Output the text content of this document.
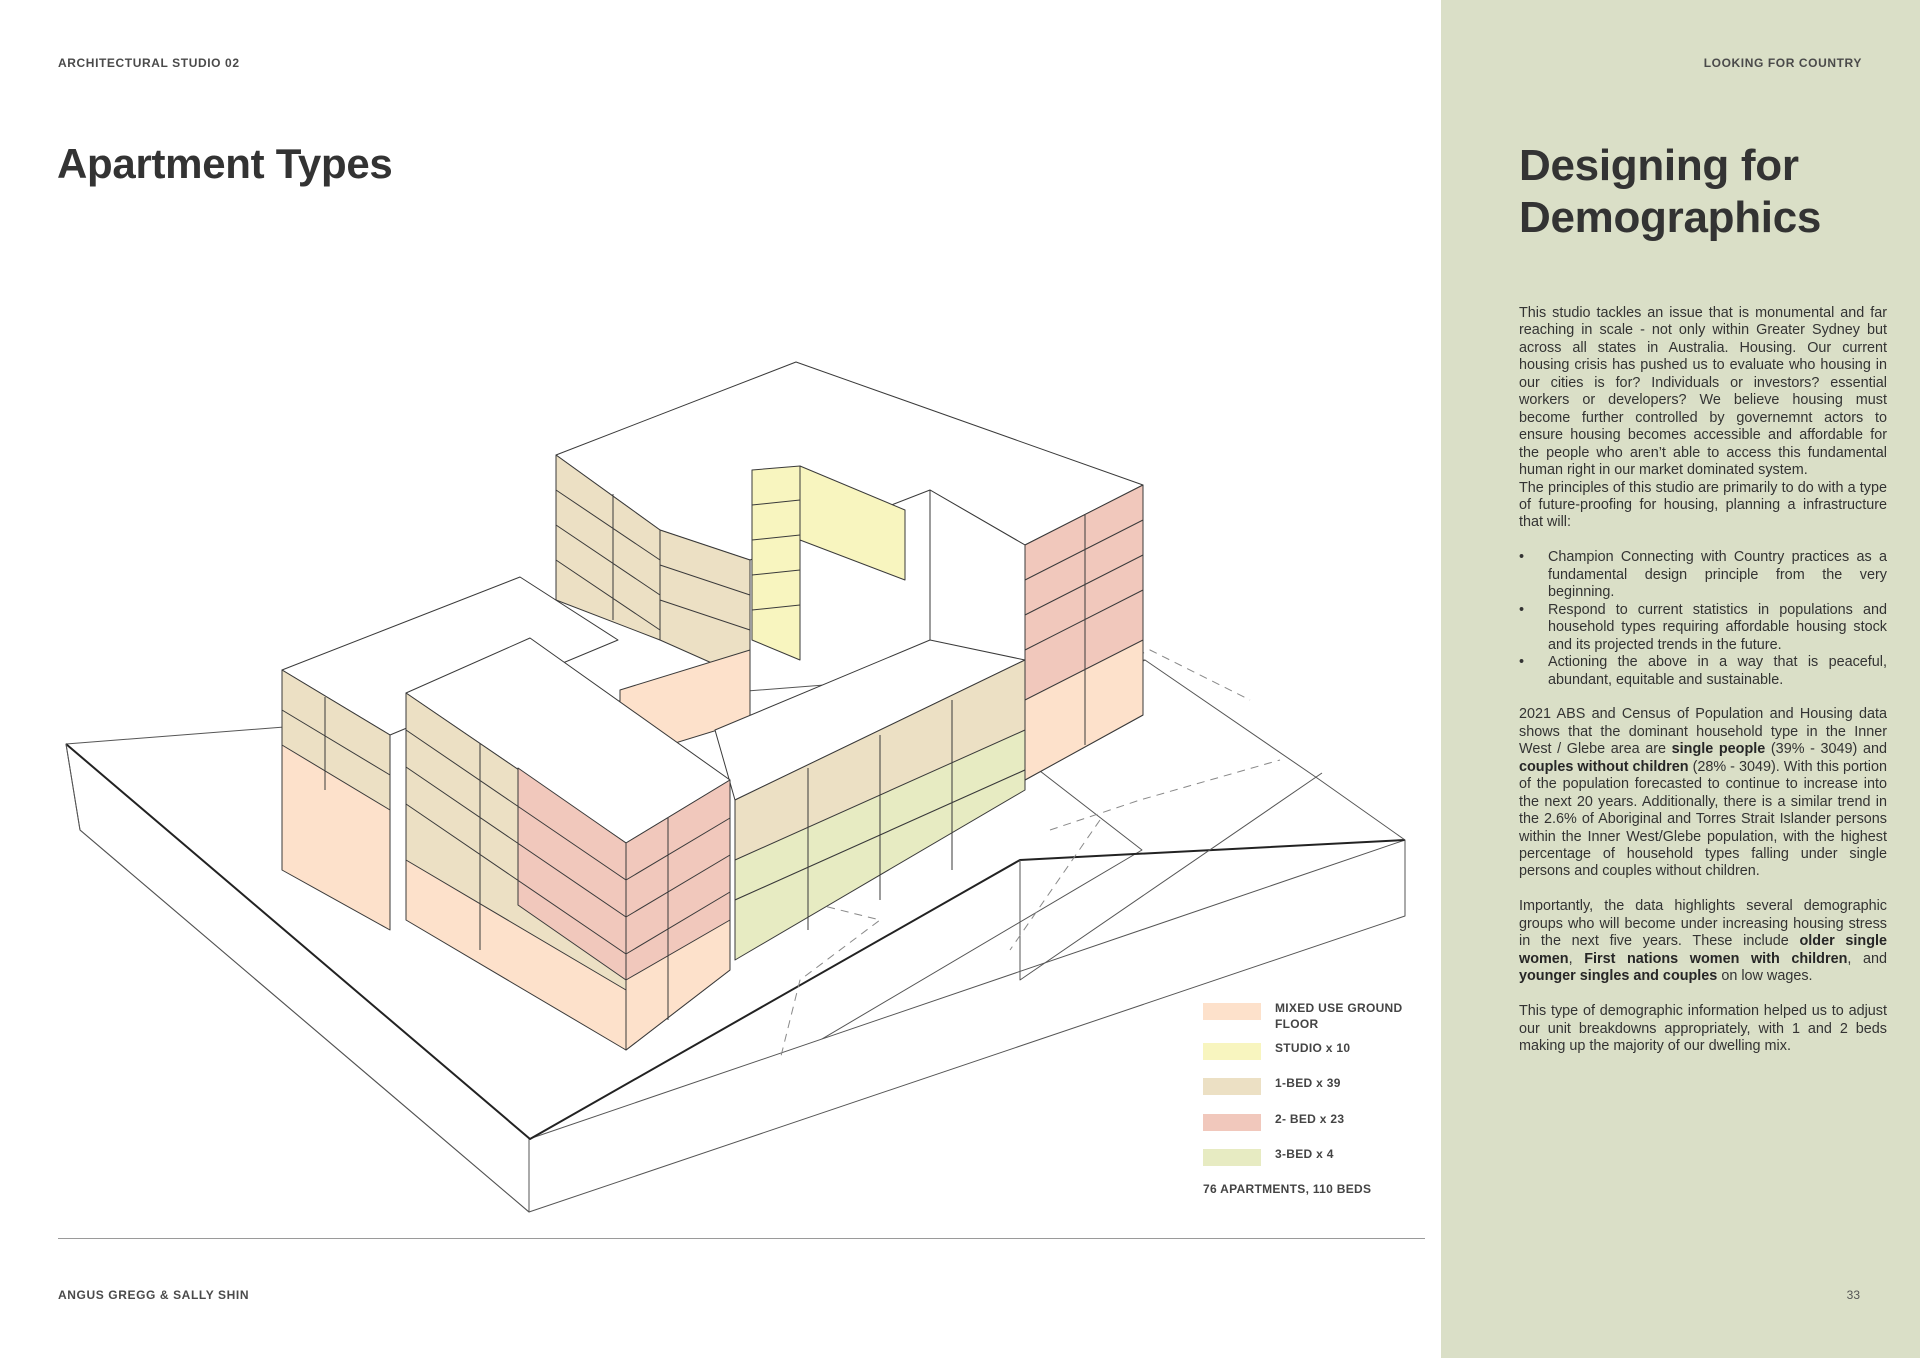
ARCHITECTURAL STUDIO 02	LOOKING FOR COUNTRY
Apartment Types
MIXED USE GROUND FLOOR
STUDIO x 10
1-BED x 39
2- BED x 23
3-BED x 4
76 APARTMENTS, 110 BEDS
Designing for
Demographics

This studio tackles an issue that is monumental and far reaching in scale - not only within Greater Sydney but across all states in Australia. Housing. Our current housing crisis has pushed us to evaluate who housing in our cities is for? Individuals or investors? essential workers or developers? We believe housing must become further controlled by governemnt actors to ensure housing becomes accessible and affordable for the people who aren’t able to access this fundamental human right in our market dominated system.

The principles of this studio are primarily to do with a type of future-proofing for housing, planning a infrastructure that will:

• Champion Connecting with Country practices as a fundamental design principle from the very beginning.
• Respond to current statistics in populations and household types requiring affordable housing stock and its projected trends in the future.
• Actioning the above in a way that is peaceful, abundant, equitable and sustainable.

2021 ABS and Census of Population and Housing data shows that the dominant household type in the Inner West / Glebe area are single people (39% - 3049) and couples without children (28% - 3049). With this portion of the population forecasted to continue to increase into the next 20 years. Additionally, there is a similar trend in the 2.6% of Aboriginal and Torres Strait Islander persons within the Inner West/Glebe population, with the highest percentage of household types falling under single persons and couples without children.

Importantly, the data highlights several demographic groups who will become under increasing housing stress in the next five years. These include older single women, First nations women with children, and younger singles and couples on low wages.

This type of demographic information helped us to adjust our unit breakdowns appropriately, with 1 and 2 beds making up the majority of our dwelling mix.

ANGUS GREGG & SALLY SHIN	33
